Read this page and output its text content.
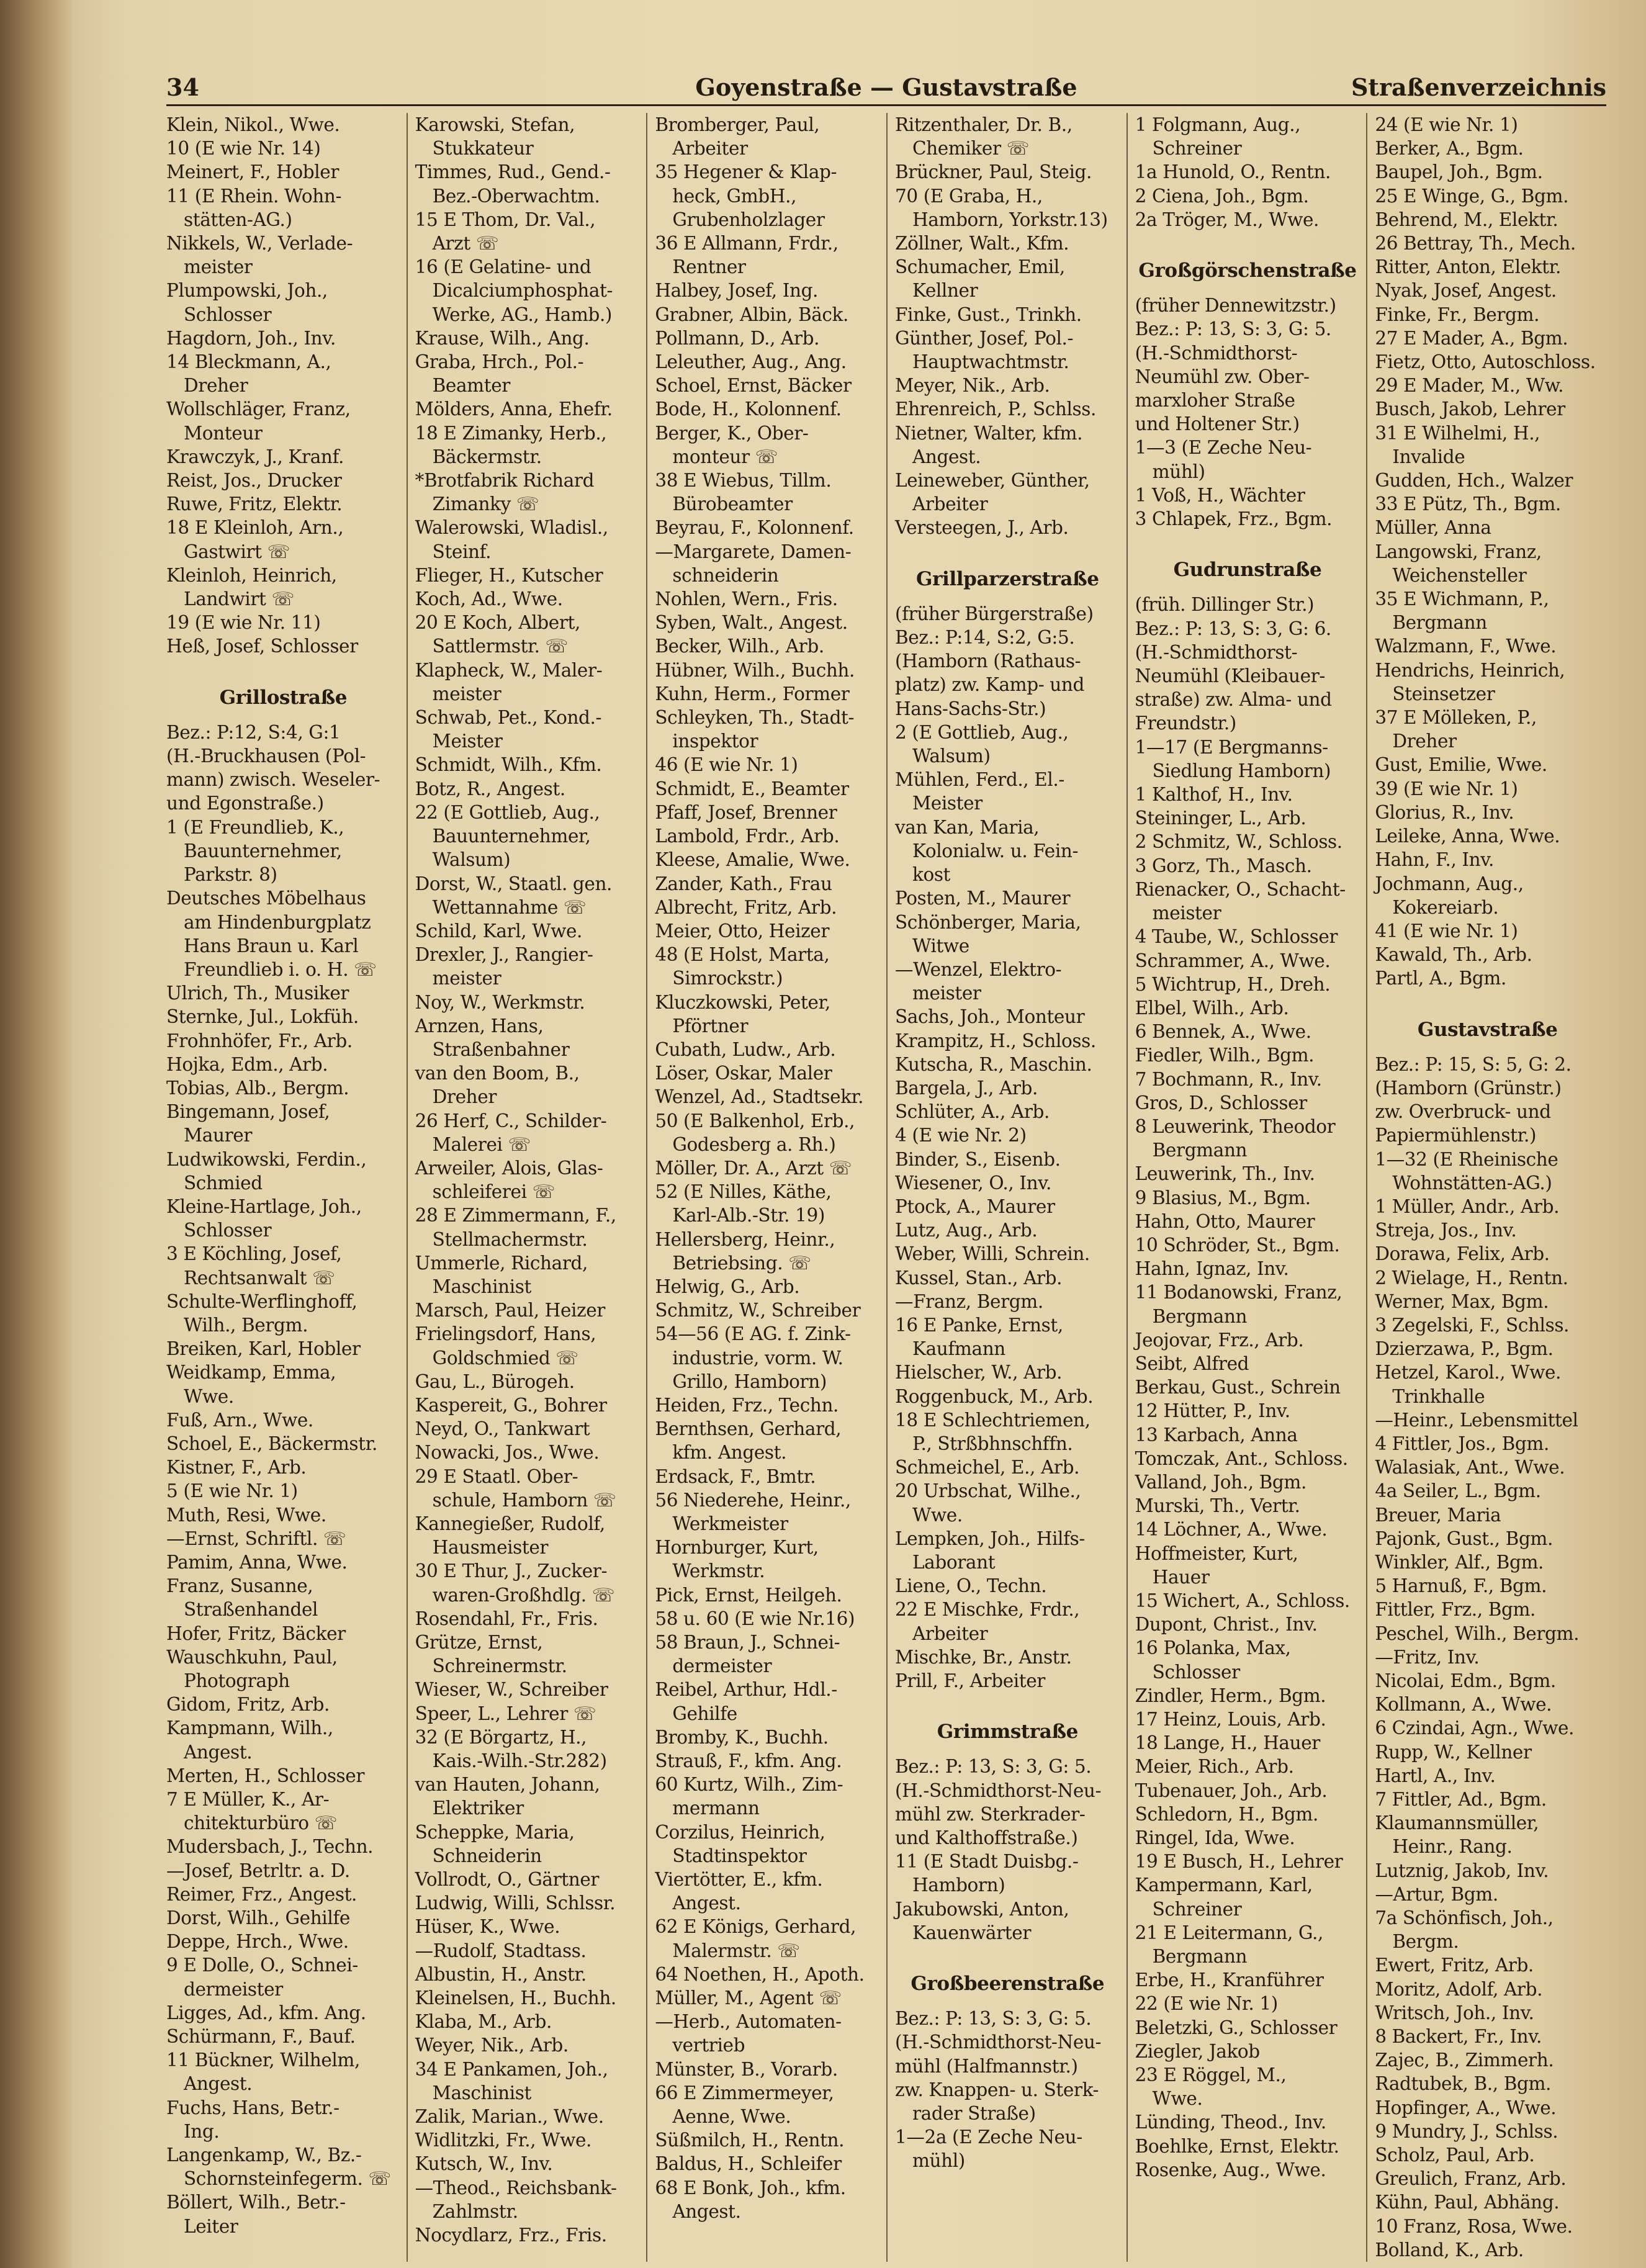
34	Goyenstraße — Gustavstraße	Straßenverzeichnis
Klein, Nikol., Wwe.
10 (E wie Nr. 14)
Meinert, F., Hobler
11 (E Rhein. Wohn-
stätten-AG.)
Nikkels, W., Verlade-
meister
Plumpowski, Joh.,
Schlosser
Hagdorn, Joh., Inv.
14 Bleckmann, A.,
Dreher
Wollschläger, Franz,
Monteur
Krawczyk, J., Kranf.
Reist, Jos., Drucker
Ruwe, Fritz, Elektr.
18 E Kleinloh, Arn.,
Gastwirt ☏
Kleinloh, Heinrich,
Landwirt ☏
19 (E wie Nr. 11)
Heß, Josef, Schlosser
Grillostraße
Bez.: P:12, S:4, G:1
(H.-Bruckhausen (Pol-
mann) zwisch. Weseler-
und Egonstraße.)
1 (E Freundlieb, K.,
Bauunternehmer,
Parkstr. 8)
Deutsches Möbelhaus
am Hindenburgplatz
Hans Braun u. Karl
Freundlieb i. o. H. ☏
Ulrich, Th., Musiker
Sternke, Jul., Lokfüh.
Frohnhöfer, Fr., Arb.
Hojka, Edm., Arb.
Tobias, Alb., Bergm.
Bingemann, Josef,
Maurer
Ludwikowski, Ferdin.,
Schmied
Kleine-Hartlage, Joh.,
Schlosser
3 E Köchling, Josef,
Rechtsanwalt ☏
Schulte-Werflinghoff,
Wilh., Bergm.
Breiken, Karl, Hobler
Weidkamp, Emma,
Wwe.
Fuß, Arn., Wwe.
Schoel, E., Bäckermstr.
Kistner, F., Arb.
5 (E wie Nr. 1)
Muth, Resi, Wwe.
—Ernst, Schriftl. ☏
Pamim, Anna, Wwe.
Franz, Susanne,
Straßenhandel
Hofer, Fritz, Bäcker
Wauschkuhn, Paul,
Photograph
Gidom, Fritz, Arb.
Kampmann, Wilh.,
Angest.
Merten, H., Schlosser
7 E Müller, K., Ar-
chitekturbüro ☏
Mudersbach, J., Techn.
—Josef, Betrltr. a. D.
Reimer, Frz., Angest.
Dorst, Wilh., Gehilfe
Deppe, Hrch., Wwe.
9 E Dolle, O., Schnei-
dermeister
Ligges, Ad., kfm. Ang.
Schürmann, F., Bauf.
11 Bückner, Wilhelm,
Angest.
Fuchs, Hans, Betr.-
Ing.
Langenkamp, W., Bz.-
Schornsteinfegerm. ☏
Böllert, Wilh., Betr.-
Leiter
Karowski, Stefan,
Stukkateur
Timmes, Rud., Gend.-
Bez.-Oberwachtm.
15 E Thom, Dr. Val.,
Arzt ☏
16 (E Gelatine- und
Dicalciumphosphat-
Werke, AG., Hamb.)
Krause, Wilh., Ang.
Graba, Hrch., Pol.-
Beamter
Mölders, Anna, Ehefr.
18 E Zimanky, Herb.,
Bäckermstr.
*Brotfabrik Richard
Zimanky ☏
Walerowski, Wladisl.,
Steinf.
Flieger, H., Kutscher
Koch, Ad., Wwe.
20 E Koch, Albert,
Sattlermstr. ☏
Klapheck, W., Maler-
meister
Schwab, Pet., Kond.-
Meister
Schmidt, Wilh., Kfm.
Botz, R., Angest.
22 (E Gottlieb, Aug.,
Bauunternehmer,
Walsum)
Dorst, W., Staatl. gen.
Wettannahme ☏
Schild, Karl, Wwe.
Drexler, J., Rangier-
meister
Noy, W., Werkmstr.
Arnzen, Hans,
Straßenbahner
van den Boom, B.,
Dreher
26 Herf, C., Schilder-
Malerei ☏
Arweiler, Alois, Glas-
schleiferei ☏
28 E Zimmermann, F.,
Stellmachermstr.
Ummerle, Richard,
Maschinist
Marsch, Paul, Heizer
Frielingsdorf, Hans,
Goldschmied ☏
Gau, L., Bürogeh.
Kaspereit, G., Bohrer
Neyd, O., Tankwart
Nowacki, Jos., Wwe.
29 E Staatl. Ober-
schule, Hamborn ☏
Kannegießer, Rudolf,
Hausmeister
30 E Thur, J., Zucker-
waren-Großhdlg. ☏
Rosendahl, Fr., Fris.
Grütze, Ernst,
Schreinermstr.
Wieser, W., Schreiber
Speer, L., Lehrer ☏
32 (E Börgartz, H.,
Kais.-Wilh.-Str.282)
van Hauten, Johann,
Elektriker
Scheppke, Maria,
Schneiderin
Vollrodt, O., Gärtner
Ludwig, Willi, Schlssr.
Hüser, K., Wwe.
—Rudolf, Stadtass.
Albustin, H., Anstr.
Kleinelsen, H., Buchh.
Klaba, M., Arb.
Weyer, Nik., Arb.
34 E Pankamen, Joh.,
Maschinist
Zalik, Marian., Wwe.
Widlitzki, Fr., Wwe.
Kutsch, W., Inv.
—Theod., Reichsbank-
Zahlmstr.
Nocydlarz, Frz., Fris.
Bromberger, Paul,
Arbeiter
35 Hegener & Klap-
heck, GmbH.,
Grubenholzlager
36 E Allmann, Frdr.,
Rentner
Halbey, Josef, Ing.
Grabner, Albin, Bäck.
Pollmann, D., Arb.
Leleuther, Aug., Ang.
Schoel, Ernst, Bäcker
Bode, H., Kolonnenf.
Berger, K., Ober-
monteur ☏
38 E Wiebus, Tillm.
Bürobeamter
Beyrau, F., Kolonnenf.
—Margarete, Damen-
schneiderin
Nohlen, Wern., Fris.
Syben, Walt., Angest.
Becker, Wilh., Arb.
Hübner, Wilh., Buchh.
Kuhn, Herm., Former
Schleyken, Th., Stadt-
inspektor
46 (E wie Nr. 1)
Schmidt, E., Beamter
Pfaff, Josef, Brenner
Lambold, Frdr., Arb.
Kleese, Amalie, Wwe.
Zander, Kath., Frau
Albrecht, Fritz, Arb.
Meier, Otto, Heizer
48 (E Holst, Marta,
Simrockstr.)
Kluczkowski, Peter,
Pförtner
Cubath, Ludw., Arb.
Löser, Oskar, Maler
Wenzel, Ad., Stadtsekr.
50 (E Balkenhol, Erb.,
Godesberg a. Rh.)
Möller, Dr. A., Arzt ☏
52 (E Nilles, Käthe,
Karl-Alb.-Str. 19)
Hellersberg, Heinr.,
Betriebsing. ☏
Helwig, G., Arb.
Schmitz, W., Schreiber
54—56 (E AG. f. Zink-
industrie, vorm. W.
Grillo, Hamborn)
Heiden, Frz., Techn.
Bernthsen, Gerhard,
kfm. Angest.
Erdsack, F., Bmtr.
56 Niederehe, Heinr.,
Werkmeister
Hornburger, Kurt,
Werkmstr.
Pick, Ernst, Heilgeh.
58 u. 60 (E wie Nr.16)
58 Braun, J., Schnei-
dermeister
Reibel, Arthur, Hdl.-
Gehilfe
Bromby, K., Buchh.
Strauß, F., kfm. Ang.
60 Kurtz, Wilh., Zim-
mermann
Corzilus, Heinrich,
Stadtinspektor
Viertötter, E., kfm.
Angest.
62 E Königs, Gerhard,
Malermstr. ☏
64 Noethen, H., Apoth.
Müller, M., Agent ☏
—Herb., Automaten-
vertrieb
Münster, B., Vorarb.
66 E Zimmermeyer,
Aenne, Wwe.
Süßmilch, H., Rentn.
Baldus, H., Schleifer
68 E Bonk, Joh., kfm.
Angest.
Ritzenthaler, Dr. B.,
Chemiker ☏
Brückner, Paul, Steig.
70 (E Graba, H.,
Hamborn, Yorkstr.13)
Zöllner, Walt., Kfm.
Schumacher, Emil,
Kellner
Finke, Gust., Trinkh.
Günther, Josef, Pol.-
Hauptwachtmstr.
Meyer, Nik., Arb.
Ehrenreich, P., Schlss.
Nietner, Walter, kfm.
Angest.
Leineweber, Günther,
Arbeiter
Versteegen, J., Arb.
Grillparzerstraße
(früher Bürgerstraße)
Bez.: P:14, S:2, G:5.
(Hamborn (Rathaus-
platz) zw. Kamp- und
Hans-Sachs-Str.)
2 (E Gottlieb, Aug.,
Walsum)
Mühlen, Ferd., El.-
Meister
van Kan, Maria,
Kolonialw. u. Fein-
kost
Posten, M., Maurer
Schönberger, Maria,
Witwe
—Wenzel, Elektro-
meister
Sachs, Joh., Monteur
Krampitz, H., Schloss.
Kutscha, R., Maschin.
Bargela, J., Arb.
Schlüter, A., Arb.
4 (E wie Nr. 2)
Binder, S., Eisenb.
Wiesener, O., Inv.
Ptock, A., Maurer
Lutz, Aug., Arb.
Weber, Willi, Schrein.
Kussel, Stan., Arb.
—Franz, Bergm.
16 E Panke, Ernst,
Kaufmann
Hielscher, W., Arb.
Roggenbuck, M., Arb.
18 E Schlechtriemen,
P., Strßbhnschffn.
Schmeichel, E., Arb.
20 Urbschat, Wilhe.,
Wwe.
Lempken, Joh., Hilfs-
Laborant
Liene, O., Techn.
22 E Mischke, Frdr.,
Arbeiter
Mischke, Br., Anstr.
Prill, F., Arbeiter
Grimmstraße
Bez.: P: 13, S: 3, G: 5.
(H.-Schmidthorst-Neu-
mühl zw. Sterkrader-
und Kalthoffstraße.)
11 (E Stadt Duisbg.-
Hamborn)
Jakubowski, Anton,
Kauenwärter
Großbeerenstraße
Bez.: P: 13, S: 3, G: 5.
(H.-Schmidthorst-Neu-
mühl (Halfmannstr.)
zw. Knappen- u. Sterk-
rader Straße)
1—2a (E Zeche Neu-
mühl)
1 Folgmann, Aug.,
Schreiner
1a Hunold, O., Rentn.
2 Ciena, Joh., Bgm.
2a Tröger, M., Wwe.
Großgörschenstraße
(früher Dennewitzstr.)
Bez.: P: 13, S: 3, G: 5.
(H.-Schmidthorst-
Neumühl zw. Ober-
marxloher Straße
und Holtener Str.)
1—3 (E Zeche Neu-
mühl)
1 Voß, H., Wächter
3 Chlapek, Frz., Bgm.
Gudrunstraße
(früh. Dillinger Str.)
Bez.: P: 13, S: 3, G: 6.
(H.-Schmidthorst-
Neumühl (Kleibauer-
straße) zw. Alma- und
Freundstr.)
1—17 (E Bergmanns-
Siedlung Hamborn)
1 Kalthof, H., Inv.
Steininger, L., Arb.
2 Schmitz, W., Schloss.
3 Gorz, Th., Masch.
Rienacker, O., Schacht-
meister
4 Taube, W., Schlosser
Schrammer, A., Wwe.
5 Wichtrup, H., Dreh.
Elbel, Wilh., Arb.
6 Bennek, A., Wwe.
Fiedler, Wilh., Bgm.
7 Bochmann, R., Inv.
Gros, D., Schlosser
8 Leuwerink, Theodor
Bergmann
Leuwerink, Th., Inv.
9 Blasius, M., Bgm.
Hahn, Otto, Maurer
10 Schröder, St., Bgm.
Hahn, Ignaz, Inv.
11 Bodanowski, Franz,
Bergmann
Jeojovar, Frz., Arb.
Seibt, Alfred
Berkau, Gust., Schrein
12 Hütter, P., Inv.
13 Karbach, Anna
Tomczak, Ant., Schloss.
Valland, Joh., Bgm.
Murski, Th., Vertr.
14 Löchner, A., Wwe.
Hoffmeister, Kurt,
Hauer
15 Wichert, A., Schloss.
Dupont, Christ., Inv.
16 Polanka, Max,
Schlosser
Zindler, Herm., Bgm.
17 Heinz, Louis, Arb.
18 Lange, H., Hauer
Meier, Rich., Arb.
Tubenauer, Joh., Arb.
Schledorn, H., Bgm.
Ringel, Ida, Wwe.
19 E Busch, H., Lehrer
Kampermann, Karl,
Schreiner
21 E Leitermann, G.,
Bergmann
Erbe, H., Kranführer
22 (E wie Nr. 1)
Beletzki, G., Schlosser
Ziegler, Jakob
23 E Röggel, M.,
Wwe.
Lünding, Theod., Inv.
Boehlke, Ernst, Elektr.
Rosenke, Aug., Wwe.
24 (E wie Nr. 1)
Berker, A., Bgm.
Baupel, Joh., Bgm.
25 E Winge, G., Bgm.
Behrend, M., Elektr.
26 Bettray, Th., Mech.
Ritter, Anton, Elektr.
Nyak, Josef, Angest.
Finke, Fr., Bergm.
27 E Mader, A., Bgm.
Fietz, Otto, Autoschloss.
29 E Mader, M., Ww.
Busch, Jakob, Lehrer
31 E Wilhelmi, H.,
Invalide
Gudden, Hch., Walzer
33 E Pütz, Th., Bgm.
Müller, Anna
Langowski, Franz,
Weichensteller
35 E Wichmann, P.,
Bergmann
Walzmann, F., Wwe.
Hendrichs, Heinrich,
Steinsetzer
37 E Mölleken, P.,
Dreher
Gust, Emilie, Wwe.
39 (E wie Nr. 1)
Glorius, R., Inv.
Leileke, Anna, Wwe.
Hahn, F., Inv.
Jochmann, Aug.,
Kokereiarb.
41 (E wie Nr. 1)
Kawald, Th., Arb.
Partl, A., Bgm.
Gustavstraße
Bez.: P: 15, S: 5, G: 2.
(Hamborn (Grünstr.)
zw. Overbruck- und
Papiermühlenstr.)
1—32 (E Rheinische
Wohnstätten-AG.)
1 Müller, Andr., Arb.
Streja, Jos., Inv.
Dorawa, Felix, Arb.
2 Wielage, H., Rentn.
Werner, Max, Bgm.
3 Zegelski, F., Schlss.
Dzierzawa, P., Bgm.
Hetzel, Karol., Wwe.
Trinkhalle
—Heinr., Lebensmittel
4 Fittler, Jos., Bgm.
Walasiak, Ant., Wwe.
4a Seiler, L., Bgm.
Breuer, Maria
Pajonk, Gust., Bgm.
Winkler, Alf., Bgm.
5 Harnuß, F., Bgm.
Fittler, Frz., Bgm.
Peschel, Wilh., Bergm.
—Fritz, Inv.
Nicolai, Edm., Bgm.
Kollmann, A., Wwe.
6 Czindai, Agn., Wwe.
Rupp, W., Kellner
Hartl, A., Inv.
7 Fittler, Ad., Bgm.
Klaumannsmüller,
Heinr., Rang.
Lutznig, Jakob, Inv.
—Artur, Bgm.
7a Schönfisch, Joh.,
Bergm.
Ewert, Fritz, Arb.
Moritz, Adolf, Arb.
Writsch, Joh., Inv.
8 Backert, Fr., Inv.
Zajec, B., Zimmerh.
Radtubek, B., Bgm.
Hopfinger, A., Wwe.
9 Mundry, J., Schlss.
Scholz, Paul, Arb.
Greulich, Franz, Arb.
Kühn, Paul, Abhäng.
10 Franz, Rosa, Wwe.
Bolland, K., Arb.
